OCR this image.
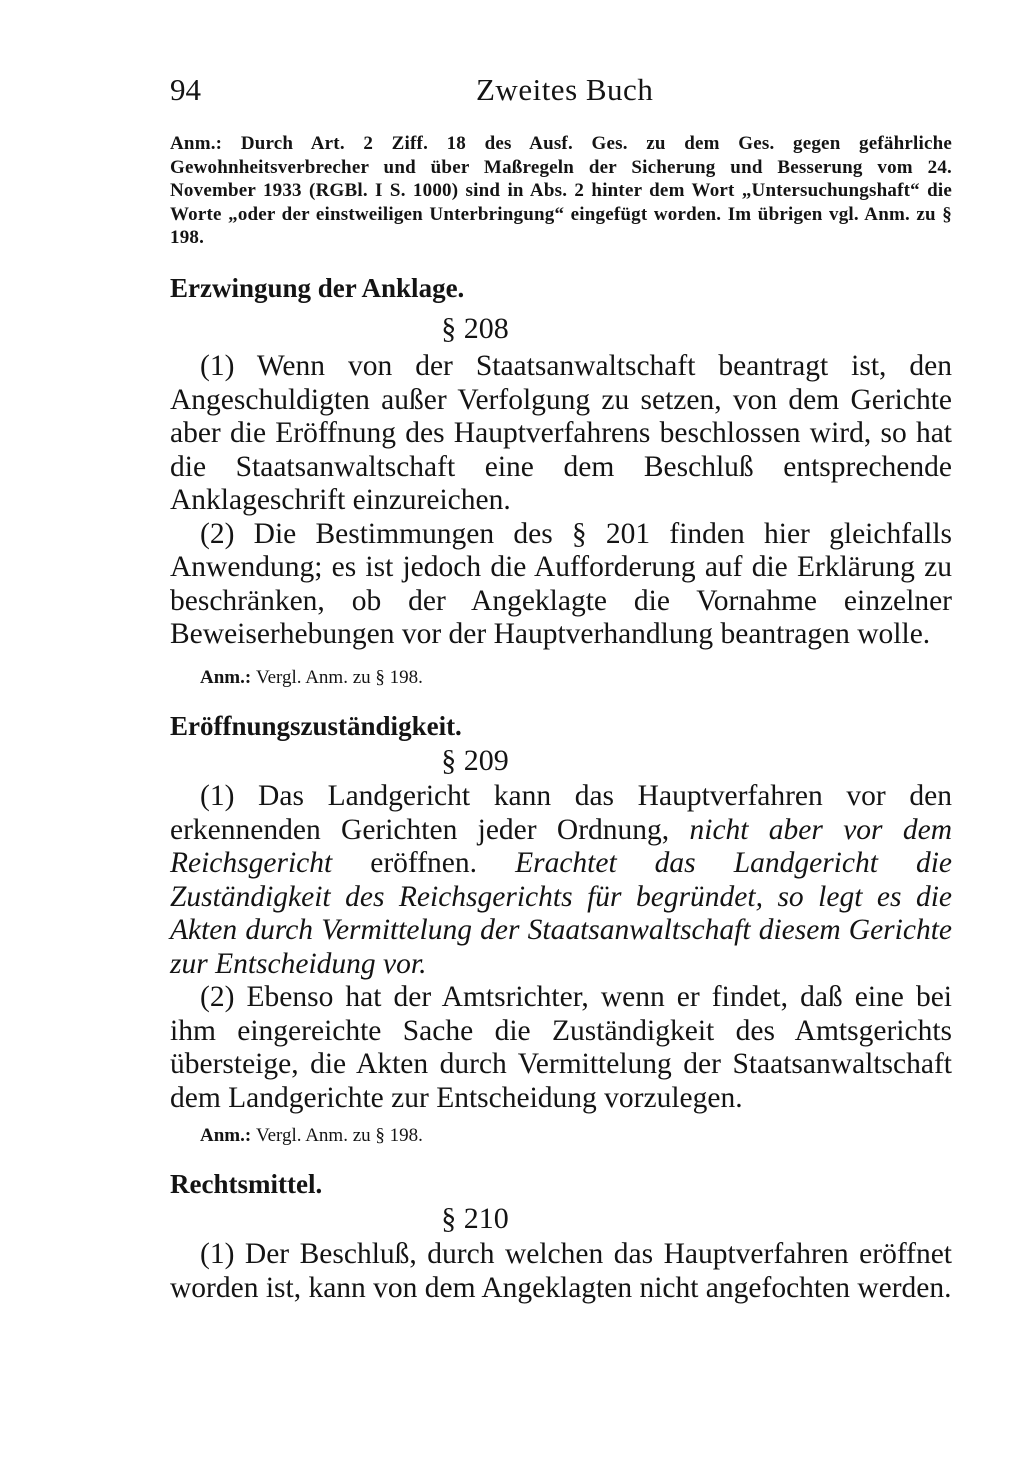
94	Zweites Buch
Anm.: Durch Art. 2 Ziff. 18 des Ausf. Ges. zu dem Ges. gegen gefährliche Gewohnheitsverbrecher und über Maßregeln der Sicherung und Besserung vom 24. November 1933 (RGBl. I S. 1000) sind in Abs. 2 hinter dem Wort „Untersuchungshaft“ die Worte „oder der einstweiligen Unterbringung“ eingefügt worden. Im übrigen vgl. Anm. zu § 198.
Erzwingung der Anklage.
§ 208

(1) Wenn von der Staatsanwaltschaft beantragt ist, den Angeschuldigten außer Verfolgung zu setzen, von dem Gerichte aber die Eröffnung des Hauptverfahrens beschlossen wird, so hat die Staatsanwaltschaft eine dem Beschluß entsprechende Anklageschrift einzureichen.

(2) Die Bestimmungen des § 201 finden hier gleichfalls Anwendung; es ist jedoch die Aufforderung auf die Erklärung zu beschränken, ob der Angeklagte die Vornahme einzelner Beweiserhebungen vor der Hauptverhandlung beantragen wolle.

Anm.: Vergl. Anm. zu § 198.
Eröffnungszuständigkeit.
§ 209

(1) Das Landgericht kann das Hauptverfahren vor den erkennenden Gerichten jeder Ordnung, nicht aber vor dem Reichsgericht eröffnen. Erachtet das Landgericht die Zuständigkeit des Reichsgerichts für begründet, so legt es die Akten durch Vermittelung der Staatsanwaltschaft diesem Gerichte zur Entscheidung vor.

(2) Ebenso hat der Amtsrichter, wenn er findet, daß eine bei ihm eingereichte Sache die Zuständigkeit des Amtsgerichts übersteige, die Akten durch Vermittelung der Staatsanwaltschaft dem Landgerichte zur Entscheidung vorzulegen.

Anm.: Vergl. Anm. zu § 198.
Rechtsmittel.
§ 210

(1) Der Beschluß, durch welchen das Hauptverfahren eröffnet worden ist, kann von dem Angeklagten nicht angefochten werden.
